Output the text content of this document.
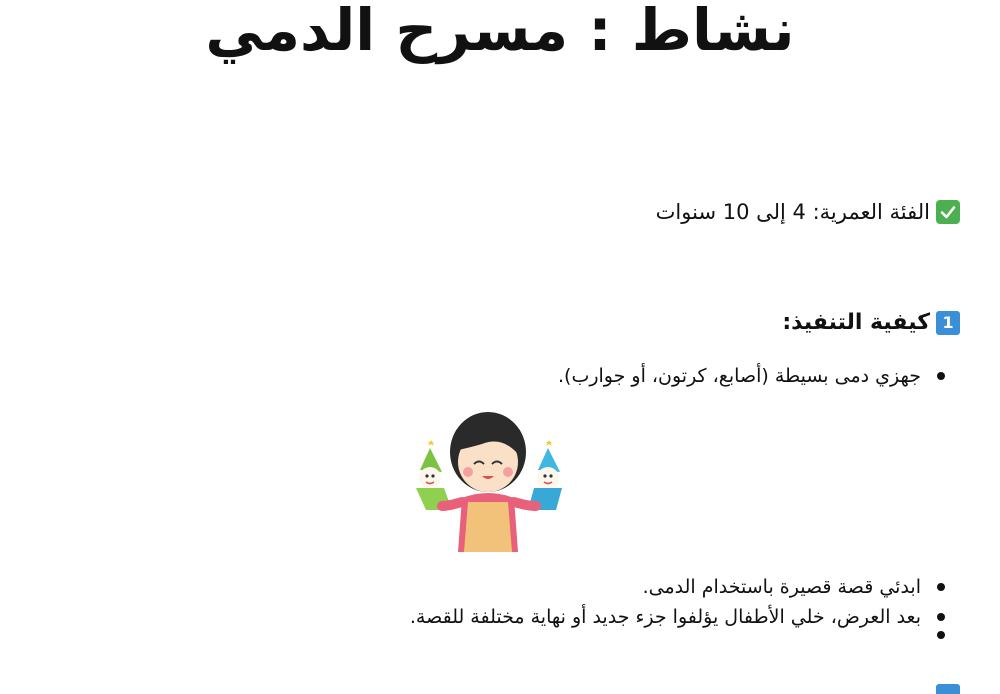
نشاط : مسرح الدمي
الفئة العمرية: 4 إلى 10 سنوات
1
كيفية التنفيذ:
جهزي دمى بسيطة (أصابع، كرتون، أو جوارب).
ابدئي قصة قصيرة باستخدام الدمى.
بعد العرض، خلي الأطفال يؤلفوا جزء جديد أو نهاية مختلفة للقصة.
